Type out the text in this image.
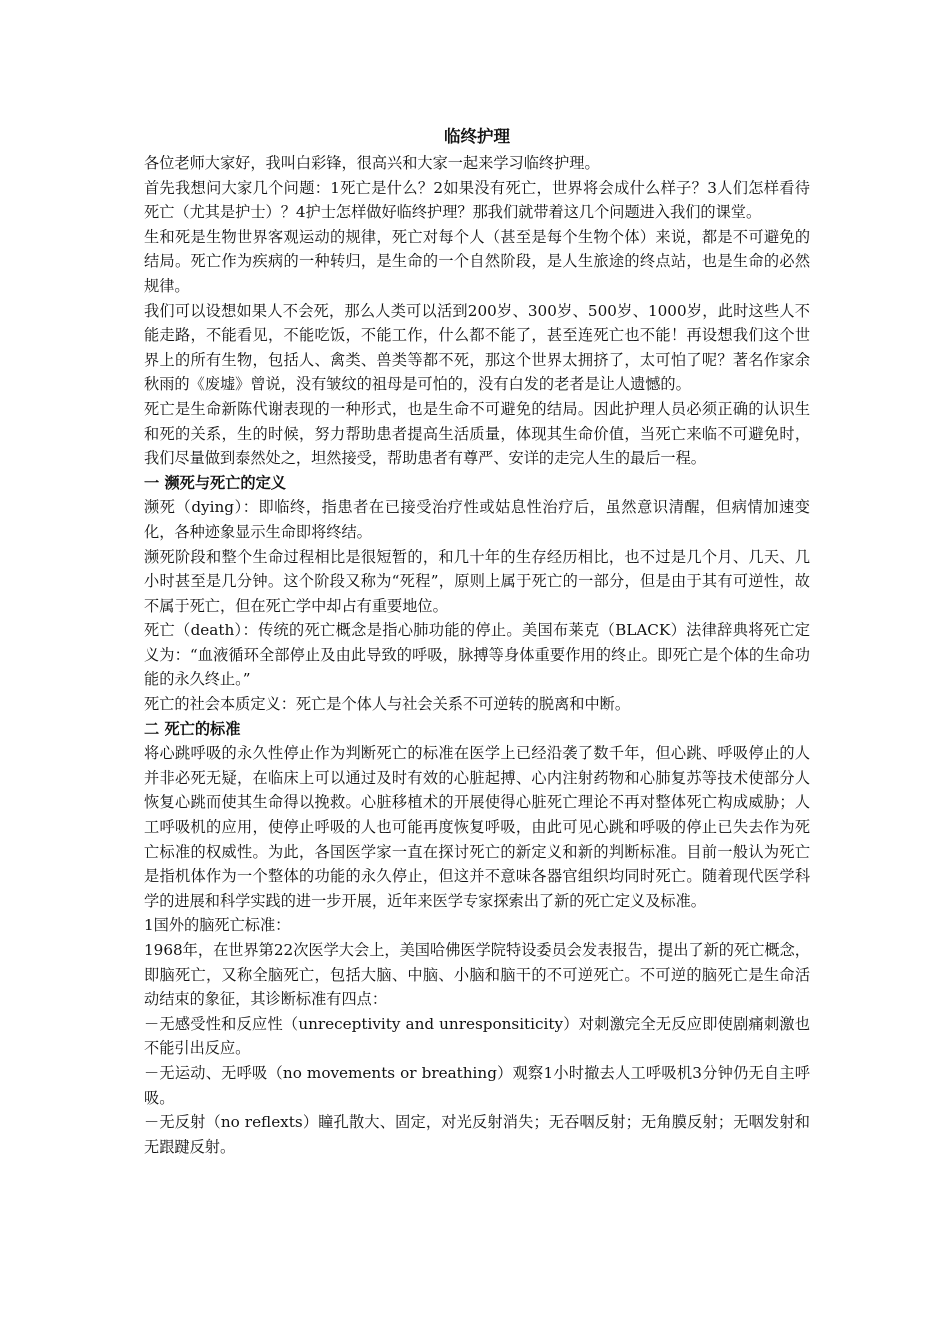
临终护理

各位老师大家好，我叫白彩锋，很高兴和大家一起来学习临终护理。

首先我想问大家几个问题：1死亡是什么？2如果没有死亡，世界将会成什么样子？3人们怎样看待死亡（尤其是护士）？4护士怎样做好临终护理？那我们就带着这几个问题进入我们的课堂。

生和死是生物世界客观运动的规律，死亡对每个人（甚至是每个生物个体）来说，都是不可避免的结局。死亡作为疾病的一种转归，是生命的一个自然阶段，是人生旅途的终点站，也是生命的必然规律。

我们可以设想如果人不会死，那么人类可以活到200岁、300岁、500岁、1000岁，此时这些人不能走路，不能看见，不能吃饭，不能工作，什么都不能了，甚至连死亡也不能！再设想我们这个世界上的所有生物，包括人、禽类、兽类等都不死，那这个世界太拥挤了，太可怕了呢？著名作家余秋雨的《废墟》曾说，没有皱纹的祖母是可怕的，没有白发的老者是让人遗憾的。

死亡是生命新陈代谢表现的一种形式，也是生命不可避免的结局。因此护理人员必须正确的认识生和死的关系，生的时候，努力帮助患者提高生活质量，体现其生命价值，当死亡来临不可避免时，我们尽量做到泰然处之，坦然接受，帮助患者有尊严、安详的走完人生的最后一程。

一 濒死与死亡的定义

濒死（dying）：即临终，指患者在已接受治疗性或姑息性治疗后，虽然意识清醒，但病情加速变化，各种迹象显示生命即将终结。

濒死阶段和整个生命过程相比是很短暂的，和几十年的生存经历相比，也不过是几个月、几天、几小时甚至是几分钟。这个阶段又称为“死程”，原则上属于死亡的一部分，但是由于其有可逆性，故不属于死亡，但在死亡学中却占有重要地位。

死亡（death）：传统的死亡概念是指心肺功能的停止。美国布莱克（BLACK）法律辞典将死亡定义为：“血液循环全部停止及由此导致的呼吸，脉搏等身体重要作用的终止。即死亡是个体的生命功能的永久终止。”

死亡的社会本质定义：死亡是个体人与社会关系不可逆转的脱离和中断。

二 死亡的标准

将心跳呼吸的永久性停止作为判断死亡的标准在医学上已经沿袭了数千年，但心跳、呼吸停止的人并非必死无疑，在临床上可以通过及时有效的心脏起搏、心内注射药物和心肺复苏等技术使部分人恢复心跳而使其生命得以挽救。心脏移植术的开展使得心脏死亡理论不再对整体死亡构成威胁；人工呼吸机的应用，使停止呼吸的人也可能再度恢复呼吸，由此可见心跳和呼吸的停止已失去作为死亡标准的权威性。为此，各国医学家一直在探讨死亡的新定义和新的判断标准。目前一般认为死亡是指机体作为一个整体的功能的永久停止，但这并不意味各器官组织均同时死亡。随着现代医学科学的进展和科学实践的进一步开展，近年来医学专家探索出了新的死亡定义及标准。

1国外的脑死亡标准：

1968年，在世界第22次医学大会上，美国哈佛医学院特设委员会发表报告，提出了新的死亡概念，即脑死亡，又称全脑死亡，包括大脑、中脑、小脑和脑干的不可逆死亡。不可逆的脑死亡是生命活动结束的象征，其诊断标准有四点：

－无感受性和反应性（unreceptivity and unresponsiticity）对刺激完全无反应即使剧痛刺激也不能引出反应。

－无运动、无呼吸（no movements or breathing）观察1小时撤去人工呼吸机3分钟仍无自主呼吸。

－无反射（no reflexts）瞳孔散大、固定，对光反射消失；无吞咽反射；无角膜反射；无咽发射和无跟踺反射。
